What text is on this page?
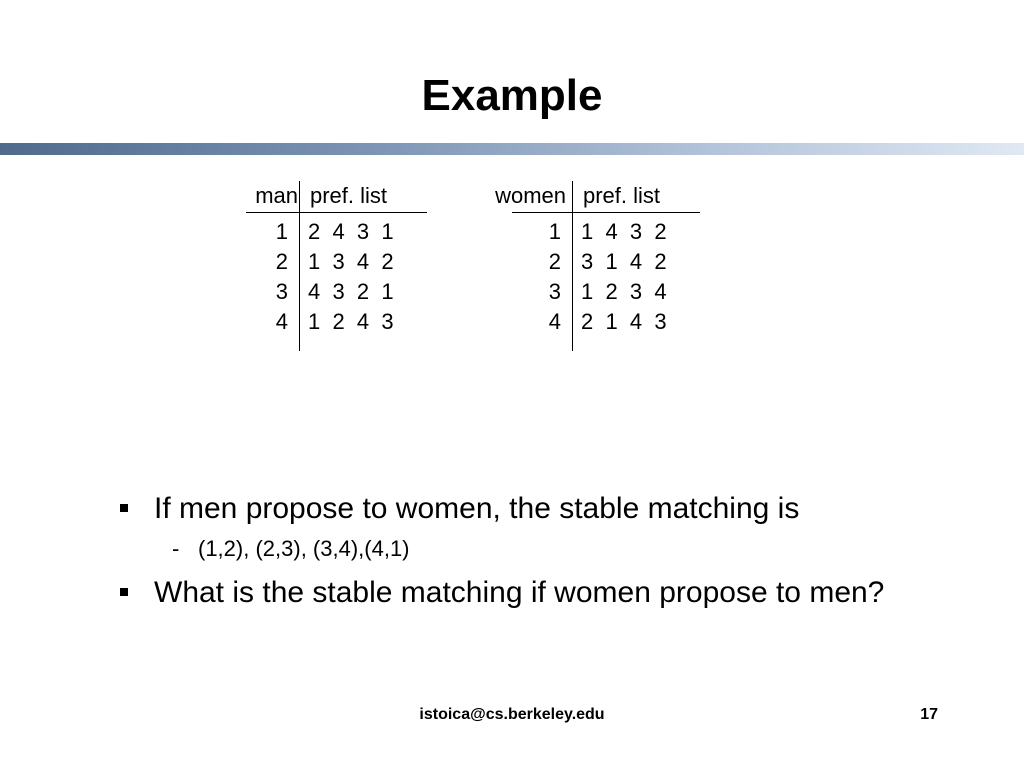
Example
man pref. list
1 2  4  3  1
2 1  3  4  2
3 4  3  2  1
4 1  2  4  3
women pref. list
1 1  4  3  2
2 3  1  4  2
3 1  2  3  4
4 2  1  4  3
If men propose to women, the stable matching is
- (1,2), (2,3), (3,4),(4,1)
What is the stable matching if women propose to men?
istoica@cs.berkeley.edu	17
